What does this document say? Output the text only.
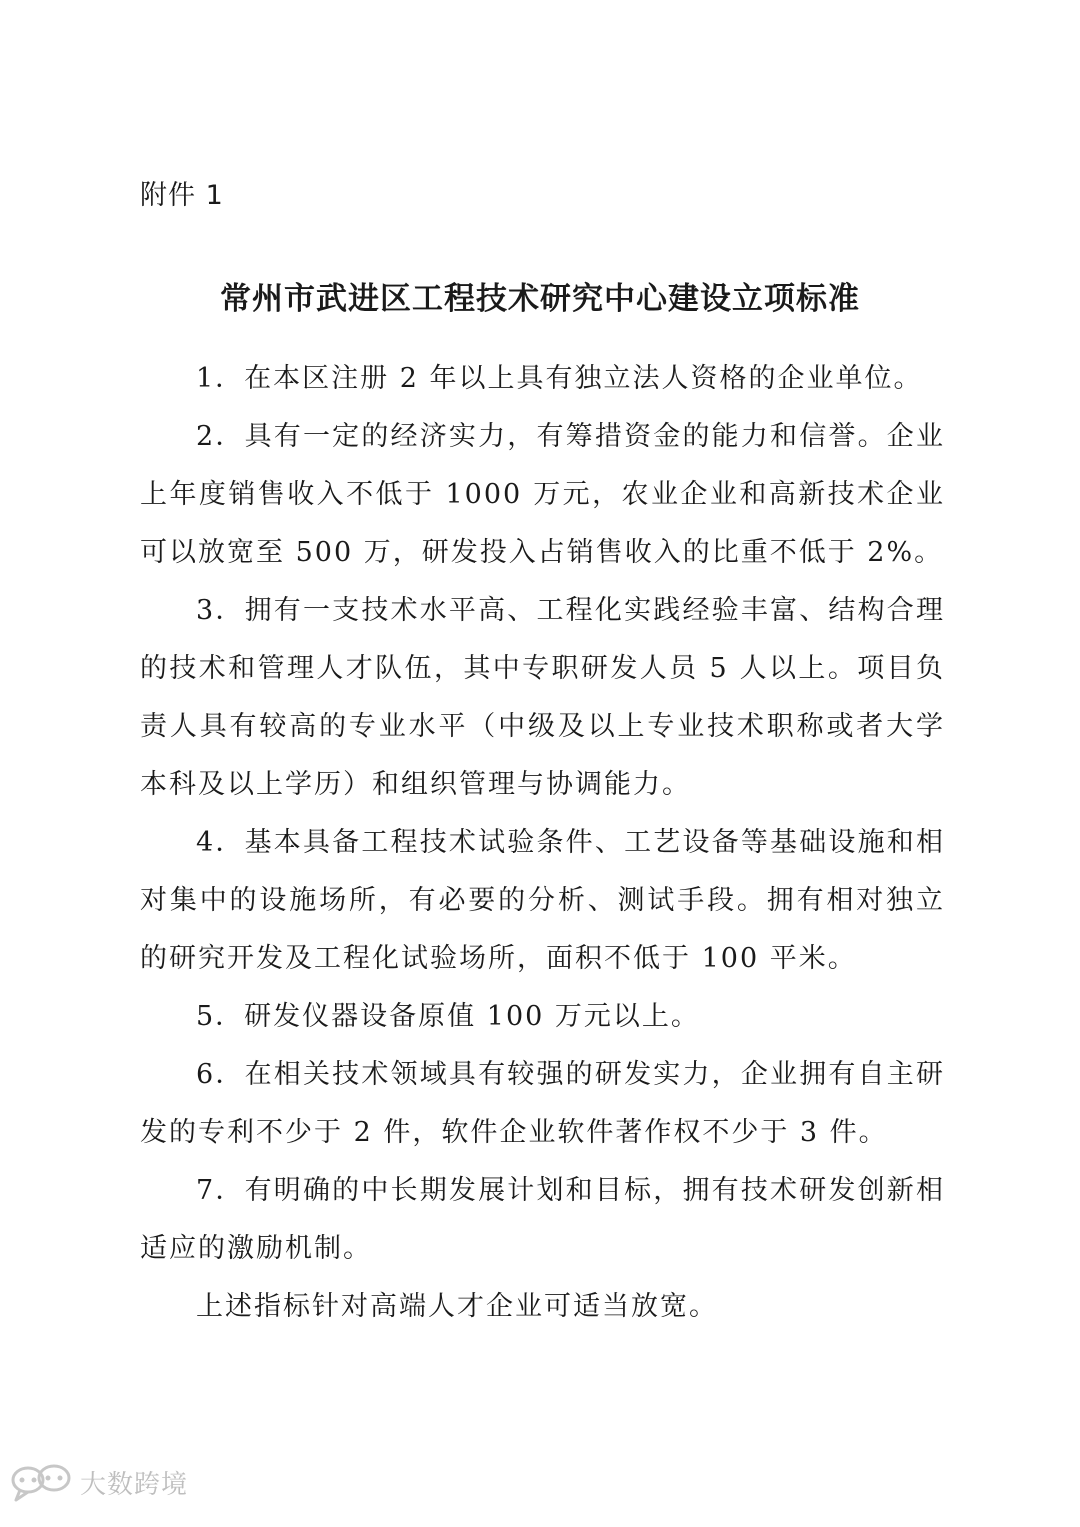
附件 1
常州市武进区工程技术研究中心建设立项标准

1．在本区注册 2 年以上具有独立法人资格的企业单位。

2．具有一定的经济实力，有筹措资金的能力和信誉。企业上年度销售收入不低于 1000 万元，农业企业和高新技术企业可以放宽至 500 万，研发投入占销售收入的比重不低于 2%。

3．拥有一支技术水平高、工程化实践经验丰富、结构合理的技术和管理人才队伍，其中专职研发人员 5 人以上。项目负责人具有较高的专业水平（中级及以上专业技术职称或者大学本科及以上学历）和组织管理与协调能力。

4．基本具备工程技术试验条件、工艺设备等基础设施和相对集中的设施场所，有必要的分析、测试手段。拥有相对独立的研究开发及工程化试验场所，面积不低于 100 平米。

5．研发仪器设备原值 100 万元以上。

6．在相关技术领域具有较强的研发实力，企业拥有自主研发的专利不少于 2 件，软件企业软件著作权不少于 3 件。

7．有明确的中长期发展计划和目标，拥有技术研发创新相适应的激励机制。

上述指标针对高端人才企业可适当放宽。

大数跨境
